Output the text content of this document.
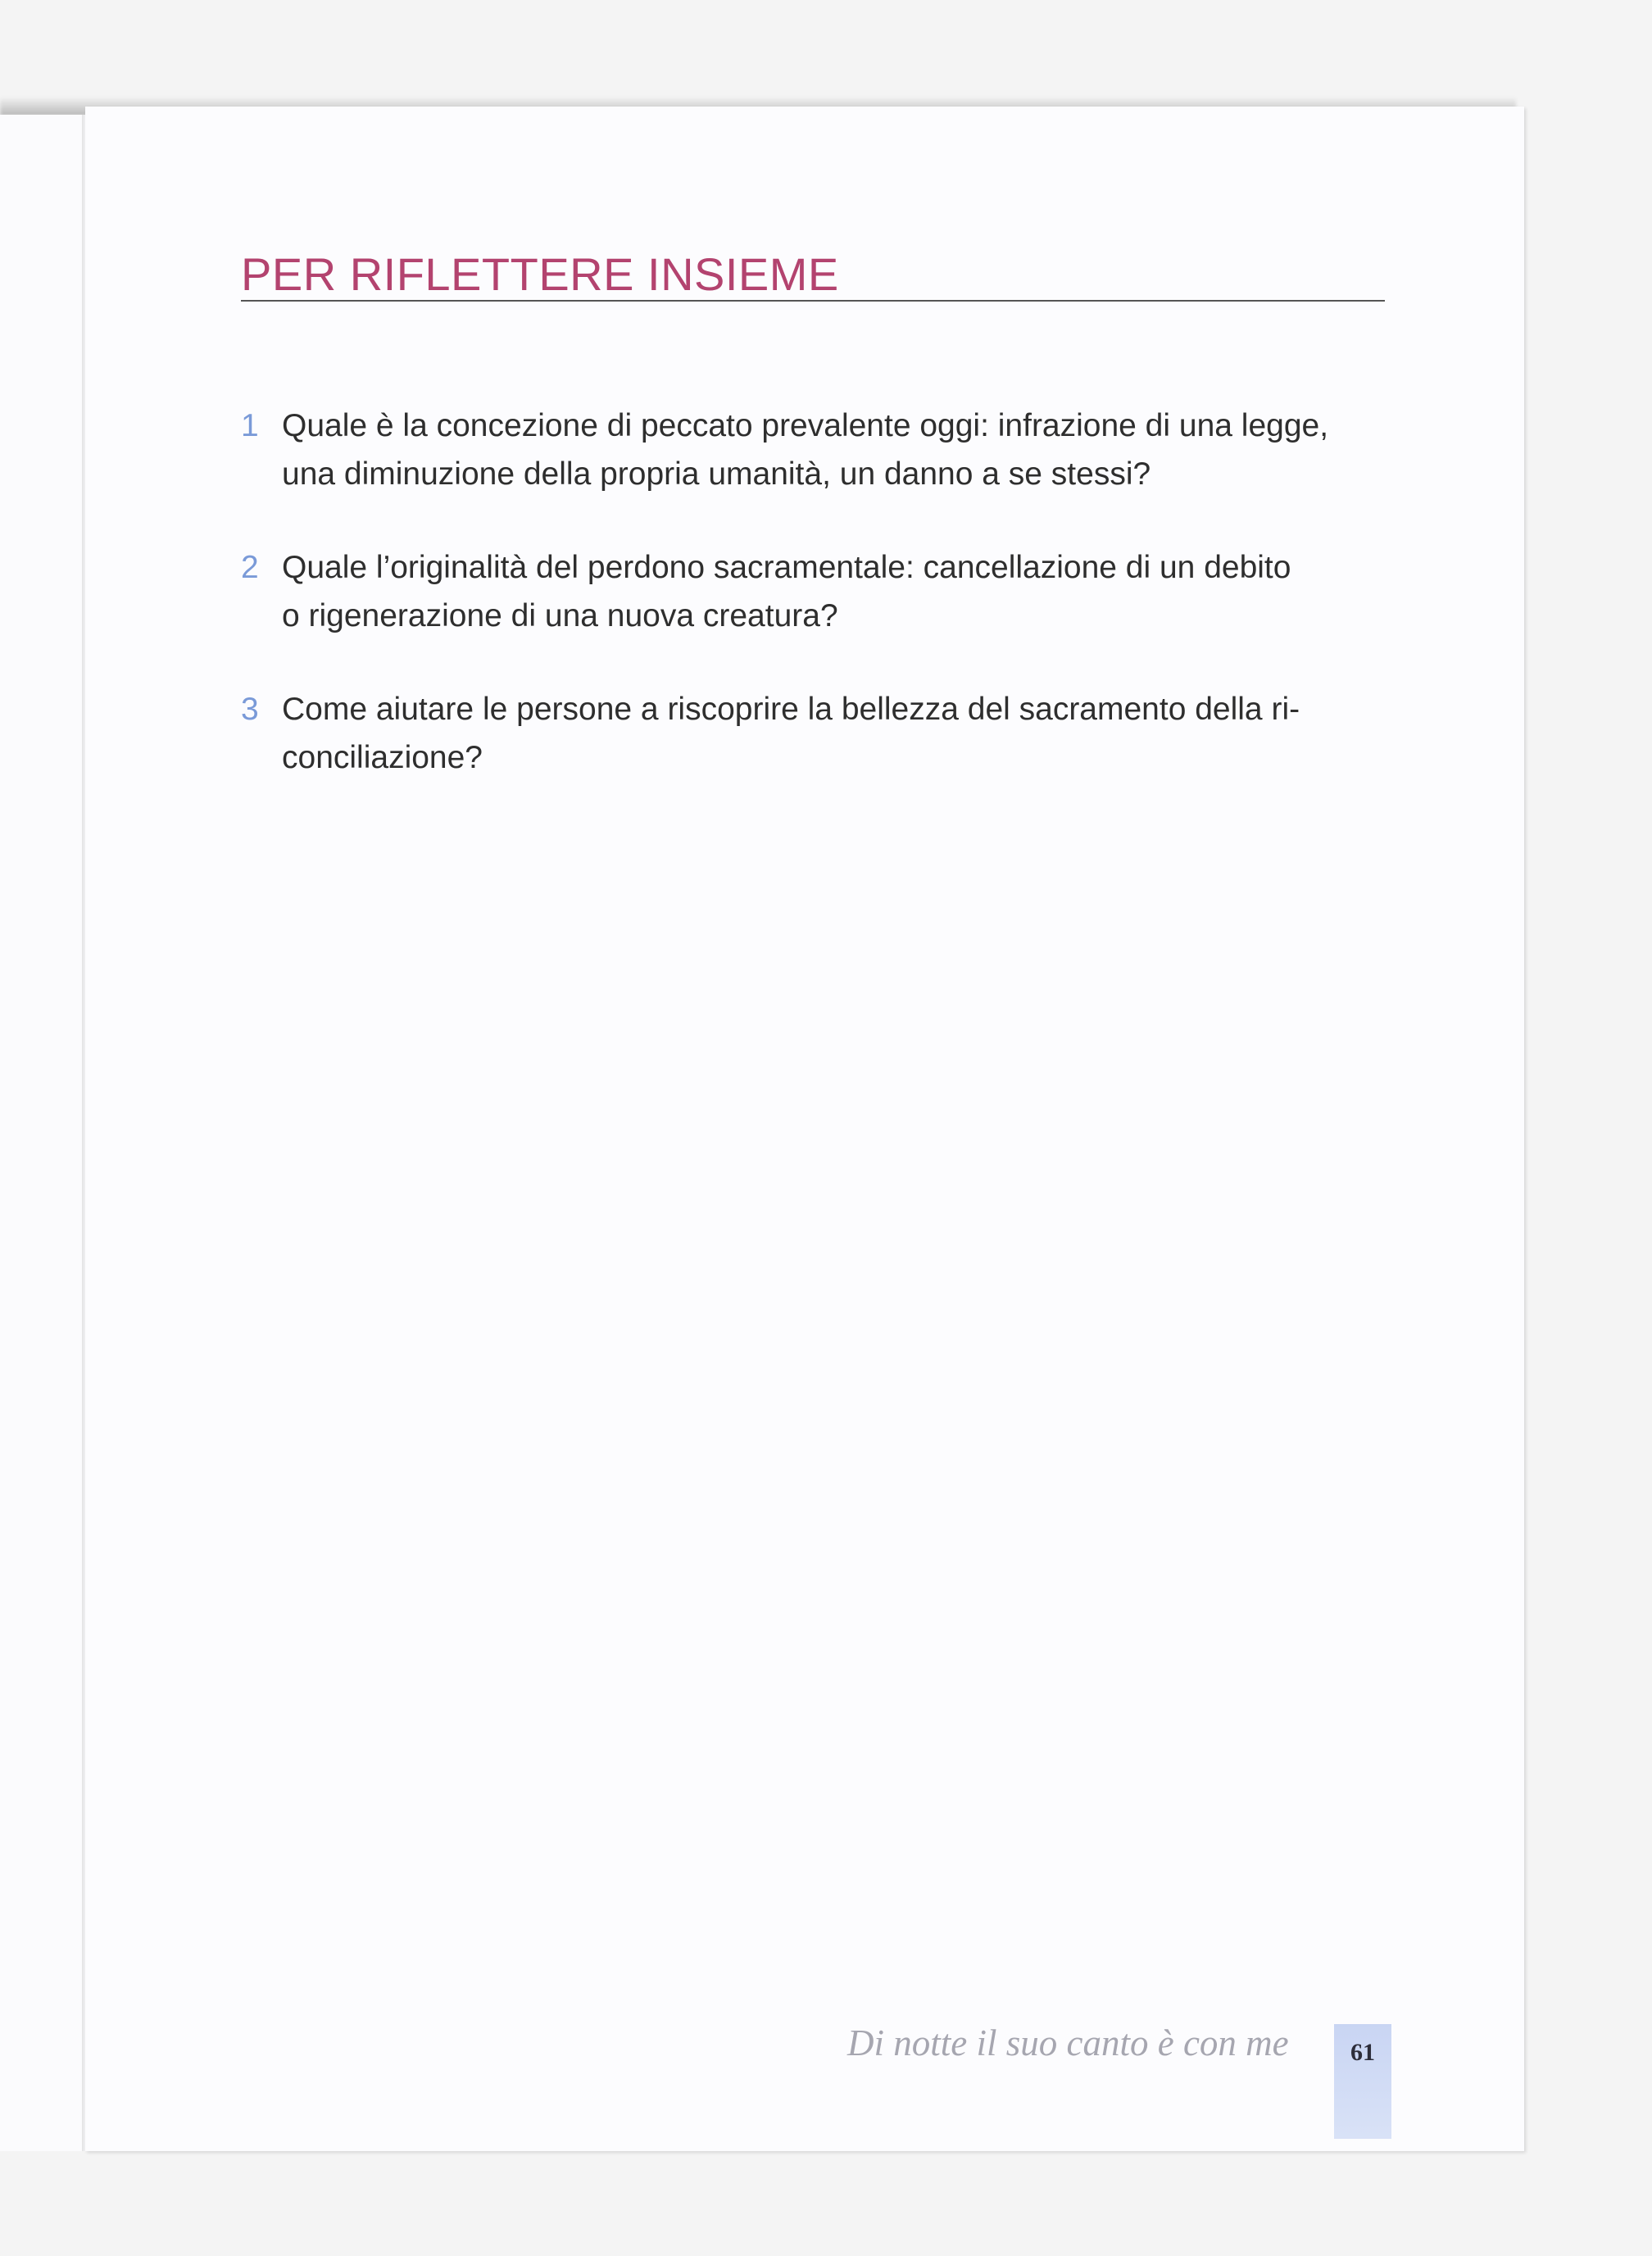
PER RIFLETTERE INSIEME
1 Quale è la concezione di peccato prevalente oggi: infrazione di una legge,
una diminuzione della propria umanità, un danno a se stessi?
2 Quale l’originalità del perdono sacramentale: cancellazione di un debito
o rigenerazione di una nuova creatura?
3 Come aiutare le persone a riscoprire la bellezza del sacramento della ri-
conciliazione?
Di notte il suo canto è con me	61
